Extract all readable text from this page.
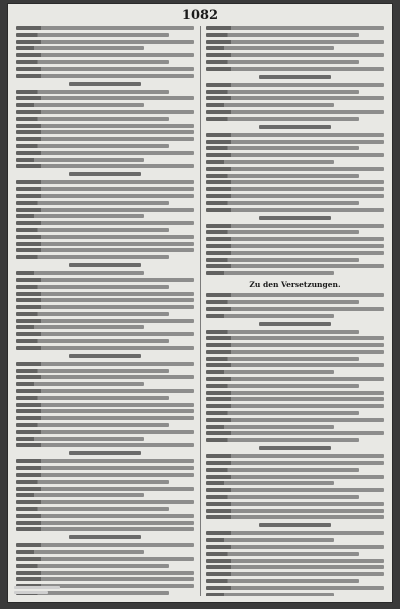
1082
Zu den Versetzungen.
